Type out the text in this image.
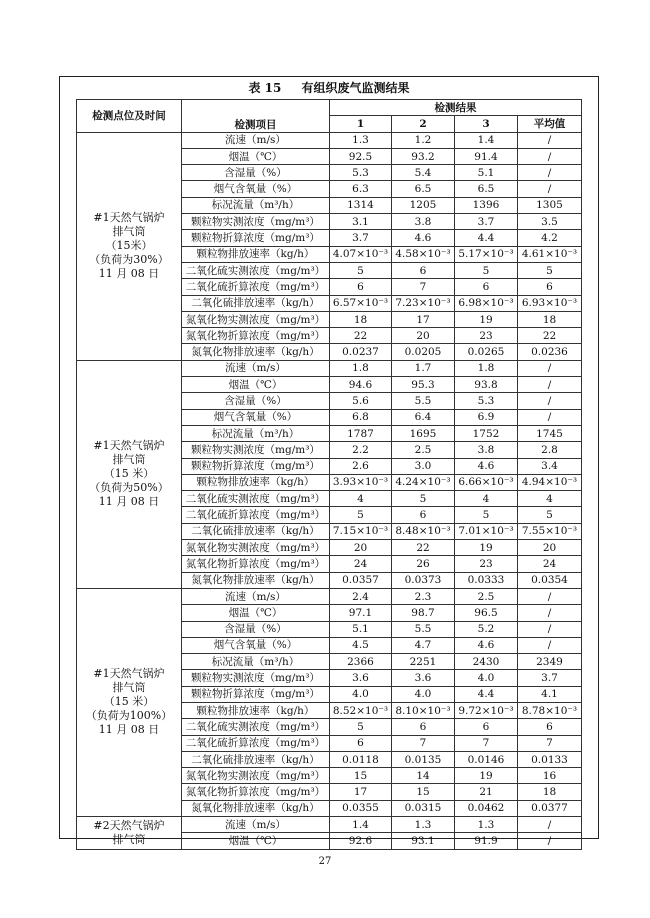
表 15 有组织废气监测结果
检测点位及时间	检测项目	检测结果			
		1	2	3	平均值

#1天然气锅炉
排气筒
（15米）
（负荷为30%）
11 月 08 日	流速（m/s）	1.3	1.2	1.4	/
	烟温（℃）	92.5	93.2	91.4	/
	含湿量（%）	5.3	5.4	5.1	/
	烟气含氧量（%）	6.3	6.5	6.5	/
	标况流量（m³/h）	1314	1205	1396	1305
	颗粒物实测浓度（mg/m³）	3.1	3.8	3.7	3.5
	颗粒物折算浓度（mg/m³）	3.7	4.6	4.4	4.2
	颗粒物排放速率（kg/h）	4.07×10⁻³	4.58×10⁻³	5.17×10⁻³	4.61×10⁻³
	二氧化硫实测浓度（mg/m³）	5	6	5	5
	二氧化硫折算浓度（mg/m³）	6	7	6	6
	二氧化硫排放速率（kg/h）	6.57×10⁻³	7.23×10⁻³	6.98×10⁻³	6.93×10⁻³
	氮氧化物实测浓度（mg/m³）	18	17	19	18
	氮氧化物折算浓度（mg/m³）	22	20	23	22
	氮氧化物排放速率（kg/h）	0.0237	0.0205	0.0265	0.0236

#1天然气锅炉
排气筒
（15 米）
（负荷为50%）
11 月 08 日	流速（m/s）	1.8	1.7	1.8	/
	烟温（℃）	94.6	95.3	93.8	/
	含湿量（%）	5.6	5.5	5.3	/
	烟气含氧量（%）	6.8	6.4	6.9	/
	标况流量（m³/h）	1787	1695	1752	1745
	颗粒物实测浓度（mg/m³）	2.2	2.5	3.8	2.8
	颗粒物折算浓度（mg/m³）	2.6	3.0	4.6	3.4
	颗粒物排放速率（kg/h）	3.93×10⁻³	4.24×10⁻³	6.66×10⁻³	4.94×10⁻³
	二氧化硫实测浓度（mg/m³）	4	5	4	4
	二氧化硫折算浓度（mg/m³）	5	6	5	5
	二氧化硫排放速率（kg/h）	7.15×10⁻³	8.48×10⁻³	7.01×10⁻³	7.55×10⁻³
	氮氧化物实测浓度（mg/m³）	20	22	19	20
	氮氧化物折算浓度（mg/m³）	24	26	23	24
	氮氧化物排放速率（kg/h）	0.0357	0.0373	0.0333	0.0354

#1天然气锅炉
排气筒
（15 米）
（负荷为100%）
11 月 08 日	流速（m/s）	2.4	2.3	2.5	/
	烟温（℃）	97.1	98.7	96.5	/
	含湿量（%）	5.1	5.5	5.2	/
	烟气含氧量（%）	4.5	4.7	4.6	/
	标况流量（m³/h）	2366	2251	2430	2349
	颗粒物实测浓度（mg/m³）	3.6	3.6	4.0	3.7
	颗粒物折算浓度（mg/m³）	4.0	4.0	4.4	4.1
	颗粒物排放速率（kg/h）	8.52×10⁻³	8.10×10⁻³	9.72×10⁻³	8.78×10⁻³
	二氧化硫实测浓度（mg/m³）	5	6	6	6
	二氧化硫折算浓度（mg/m³）	6	7	7	7
	二氧化硫排放速率（kg/h）	0.0118	0.0135	0.0146	0.0133
	氮氧化物实测浓度（mg/m³）	15	14	19	16
	氮氧化物折算浓度（mg/m³）	17	15	21	18
	氮氧化物排放速率（kg/h）	0.0355	0.0315	0.0462	0.0377

#2天然气锅炉
排气筒	流速（m/s）	1.4	1.3	1.3	/
	烟温（℃）	92.6	93.1	91.9	/
27
